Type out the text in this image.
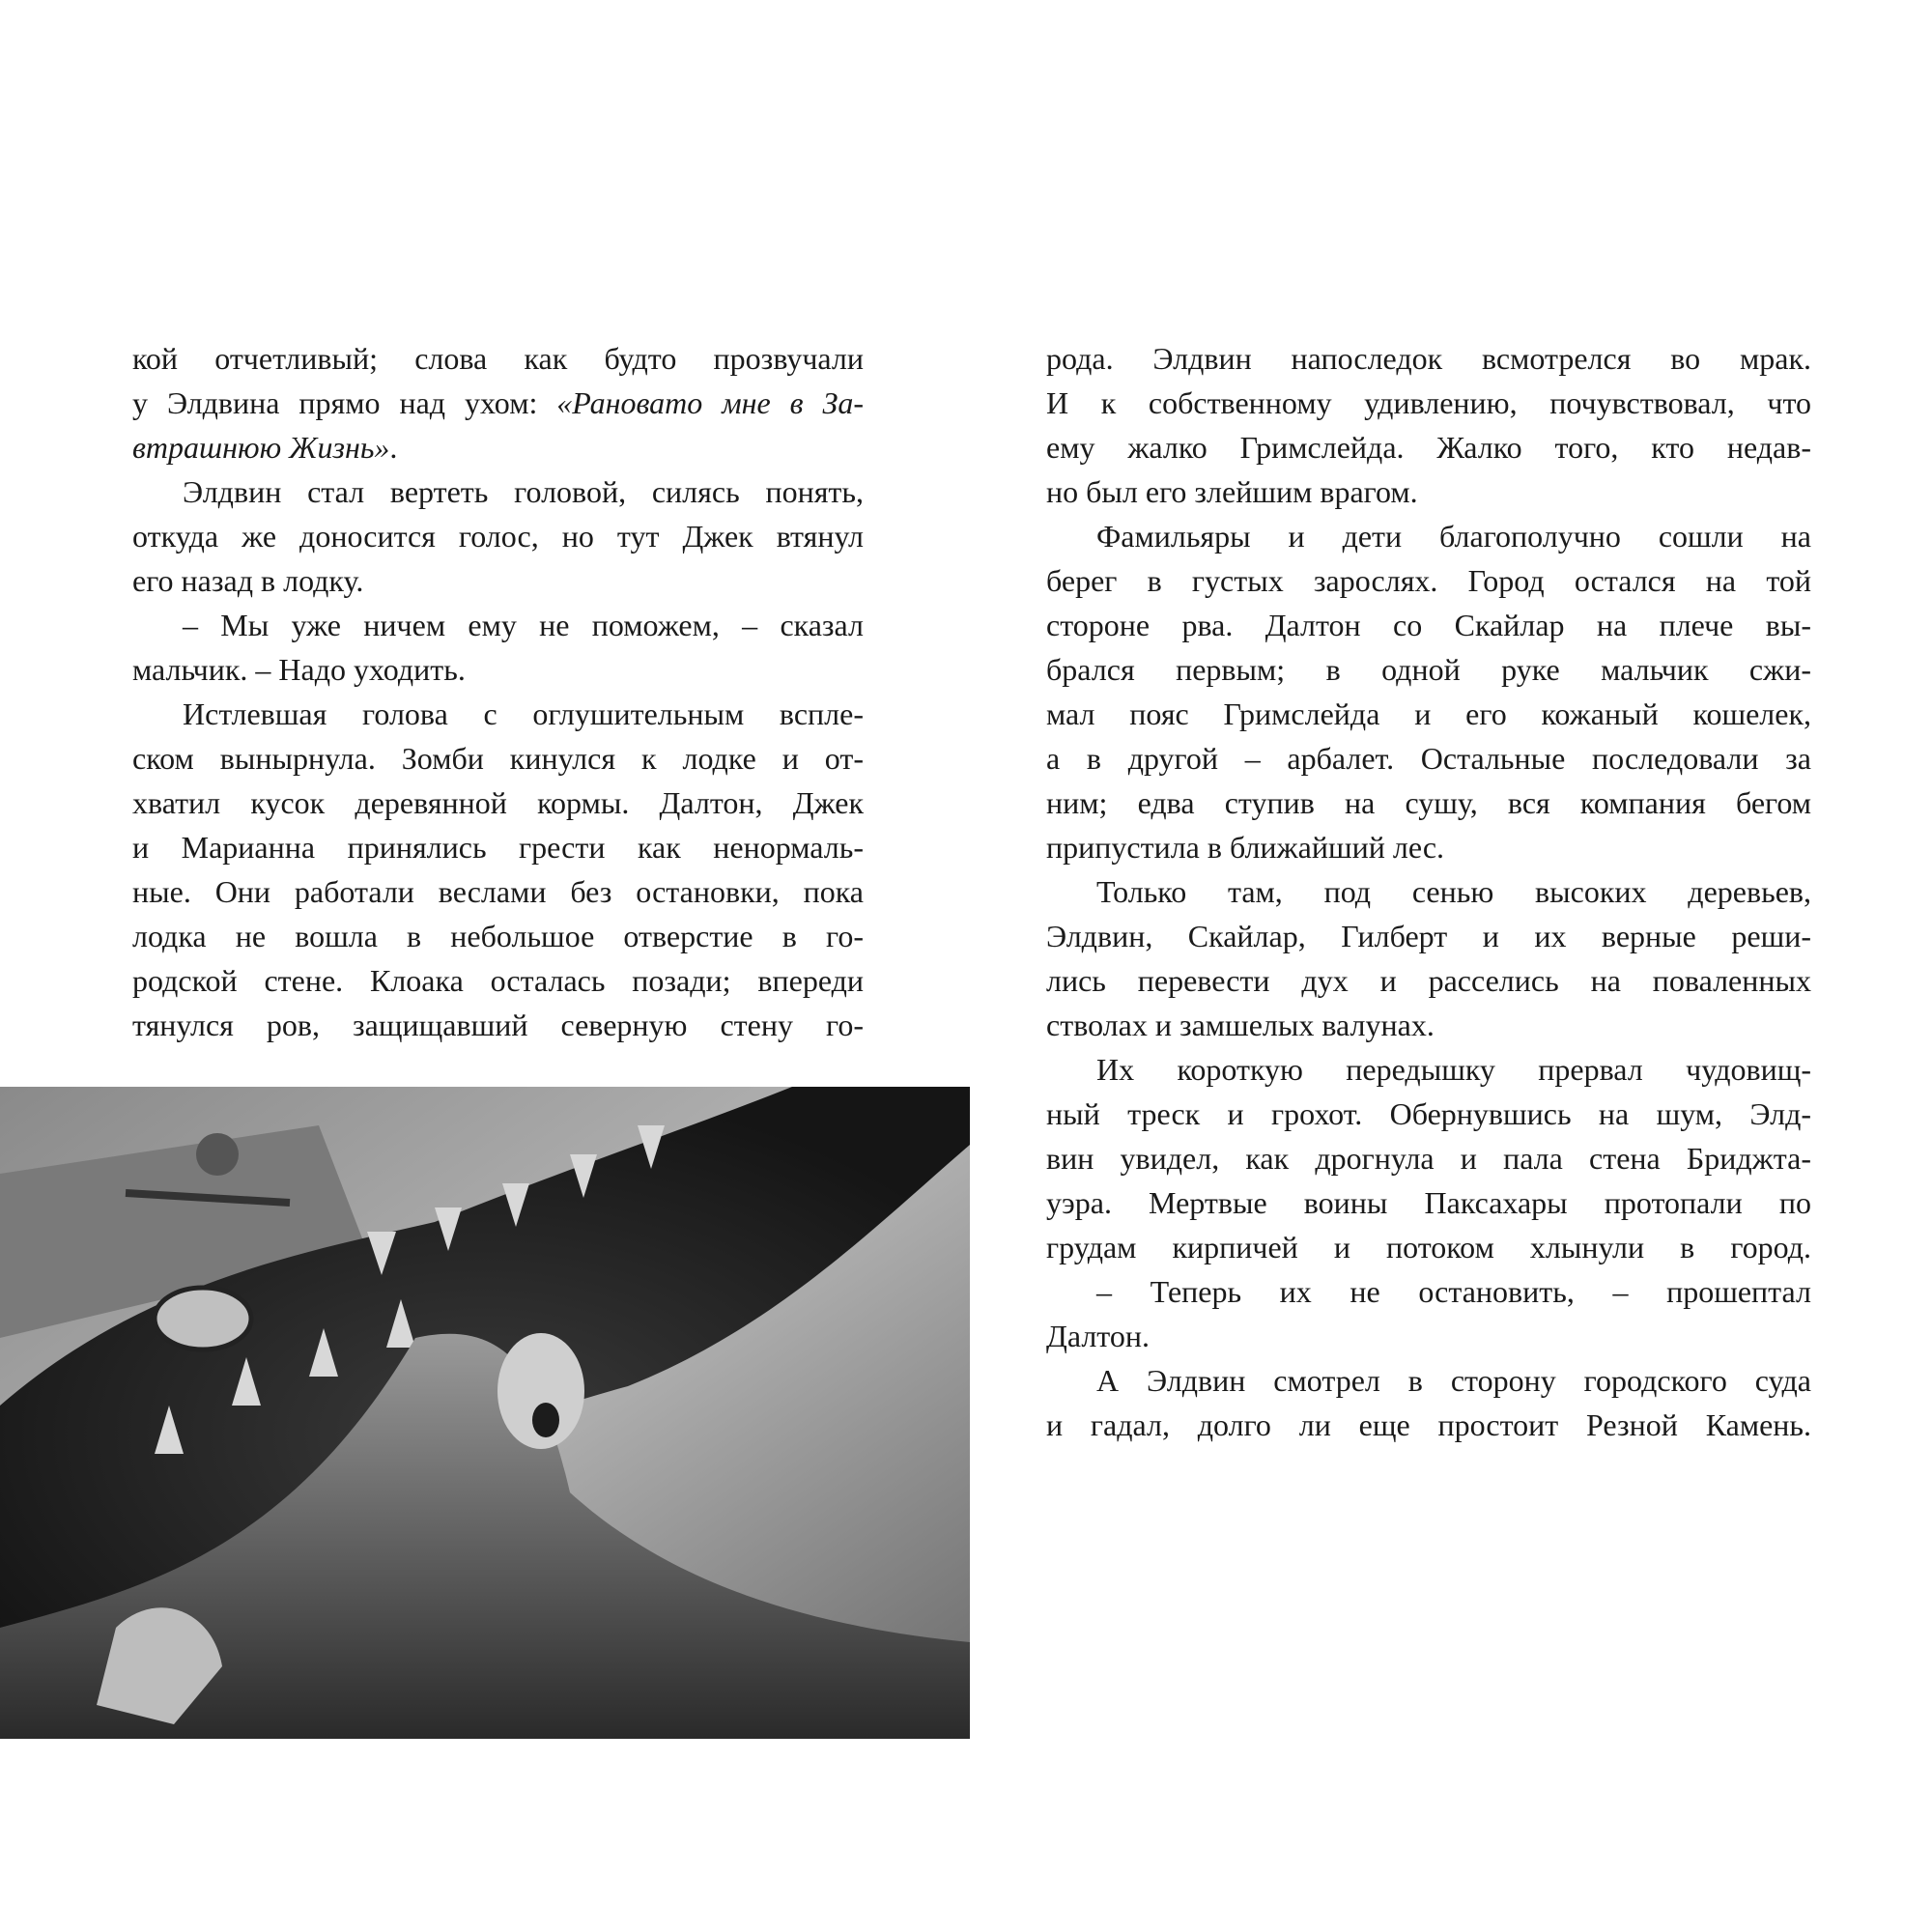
кой отчетливый; слова как будто прозвучали
у Элдвина прямо над ухом: «Рановато мне в За-
втрашнюю Жизнь».
Элдвин стал вертеть головой, силясь понять,
откуда же доносится голос, но тут Джек втянул
его назад в лодку.
– Мы уже ничем ему не поможем, – сказал
мальчик. – Надо уходить.
Истлевшая голова с оглушительным вспле-
ском вынырнула. Зомби кинулся к лодке и от-
хватил кусок деревянной кормы. Далтон, Джек
и Марианна принялись грести как ненормаль-
ные. Они работали веслами без остановки, пока
лодка не вошла в небольшое отверстие в го-
родской стене. Клоака осталась позади; впереди
тянулся ров, защищавший северную стену го-
рода. Элдвин напоследок всмотрелся во мрак.
И к собственному удивлению, почувствовал, что
ему жалко Гримслейда. Жалко того, кто недав-
но был его злейшим врагом.
Фамильяры и дети благополучно сошли на
берег в густых зарослях. Город остался на той
стороне рва. Далтон со Скайлар на плече вы-
брался первым; в одной руке мальчик сжи-
мал пояс Гримслейда и его кожаный кошелек,
а в другой – арбалет. Остальные последовали за
ним; едва ступив на сушу, вся компания бегом
припустила в ближайший лес.
Только там, под сенью высоких деревьев,
Элдвин, Скайлар, Гилберт и их верные реши-
лись перевести дух и расселись на поваленных
стволах и замшелых валунах.
Их короткую передышку прервал чудовищ-
ный треск и грохот. Обернувшись на шум, Элд-
вин увидел, как дрогнула и пала стена Бриджта-
уэра. Мертвые воины Паксахары протопали по
грудам кирпичей и потоком хлынули в город.
– Теперь их не остановить, – прошептал
Далтон.
А Элдвин смотрел в сторону городского суда
и гадал, долго ли еще простоит Резной Камень.
